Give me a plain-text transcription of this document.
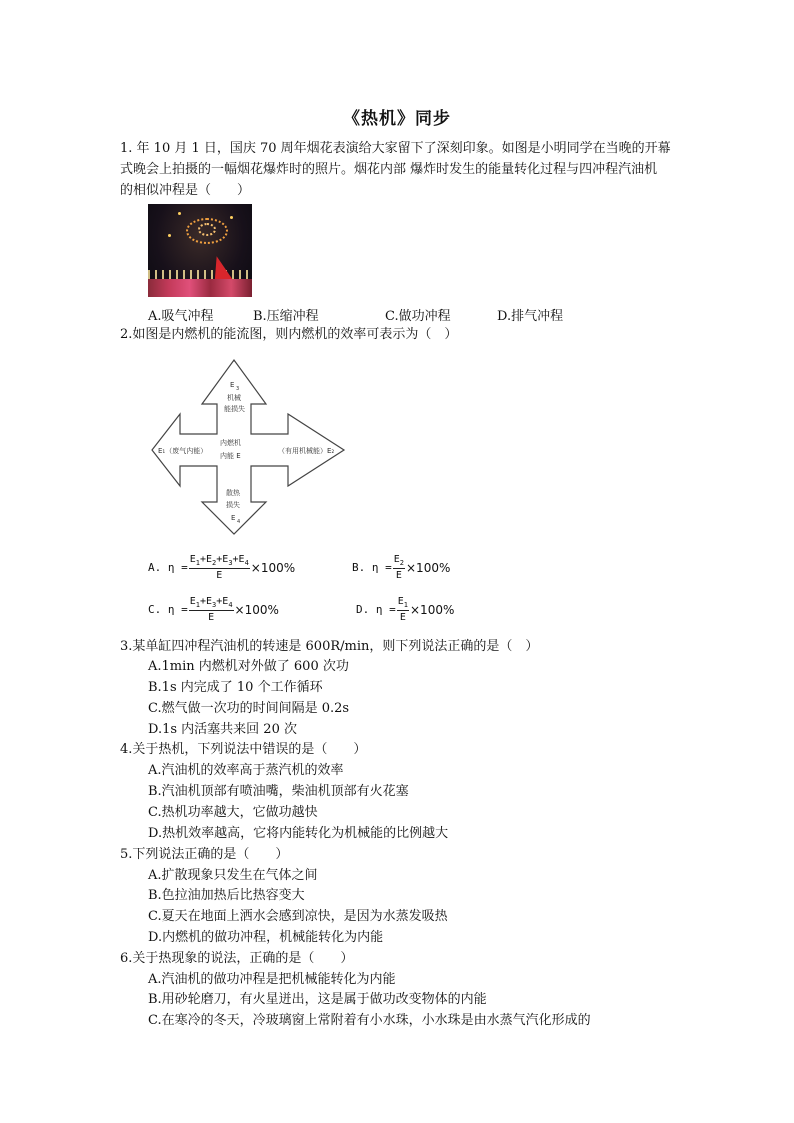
《热机》同步
1. 年 10 月 1 日，国庆 70 周年烟花表演给大家留下了深刻印象。如图是小明同学在当晚的开幕
式晚会上拍摄的一幅烟花爆炸时的照片。烟花内部 爆炸时发生的能量转化过程与四冲程汽油机
的相似冲程是（　　）
A.吸气冲程	B.压缩冲程	C.做功冲程	D.排气冲程
2.如图是内燃机的能流图，则内燃机的效率可表示为（　）
E 3
机械
能损失
内燃机
内能 E
E₁（废气内能）	（有用机械能）E₂
散热
损失
E 4
A. $\eta = \frac{E_1+E_2+E_3+E_4}{E} \times 100\%$	B. $\eta = \frac{E_2}{E} \times 100\%$
C. $\eta = \frac{E_1+E_3+E_4}{E} \times 100\%$	D. $\eta = \frac{E_1}{E} \times 100\%$
3.某单缸四冲程汽油机的转速是 600R/min，则下列说法正确的是（　）
A.1min 内燃机对外做了 600 次功
B.1s 内完成了 10 个工作循环
C.燃气做一次功的时间间隔是 0.2s
D.1s 内活塞共来回 20 次
4.关于热机，下列说法中错误的是（　　）
A.汽油机的效率高于蒸汽机的效率
B.汽油机顶部有喷油嘴，柴油机顶部有火花塞
C.热机功率越大，它做功越快
D.热机效率越高，它将内能转化为机械能的比例越大
5.下列说法正确的是（　　）
A.扩散现象只发生在气体之间
B.色拉油加热后比热容变大
C.夏天在地面上洒水会感到凉快，是因为水蒸发吸热
D.内燃机的做功冲程，机械能转化为内能
6.关于热现象的说法，正确的是（　　）
A.汽油机的做功冲程是把机械能转化为内能
B.用砂轮磨刀，有火星迸出，这是属于做功改变物体的内能
C.在寒冷的冬天，冷玻璃窗上常附着有小水珠，小水珠是由水蒸气汽化形成的
